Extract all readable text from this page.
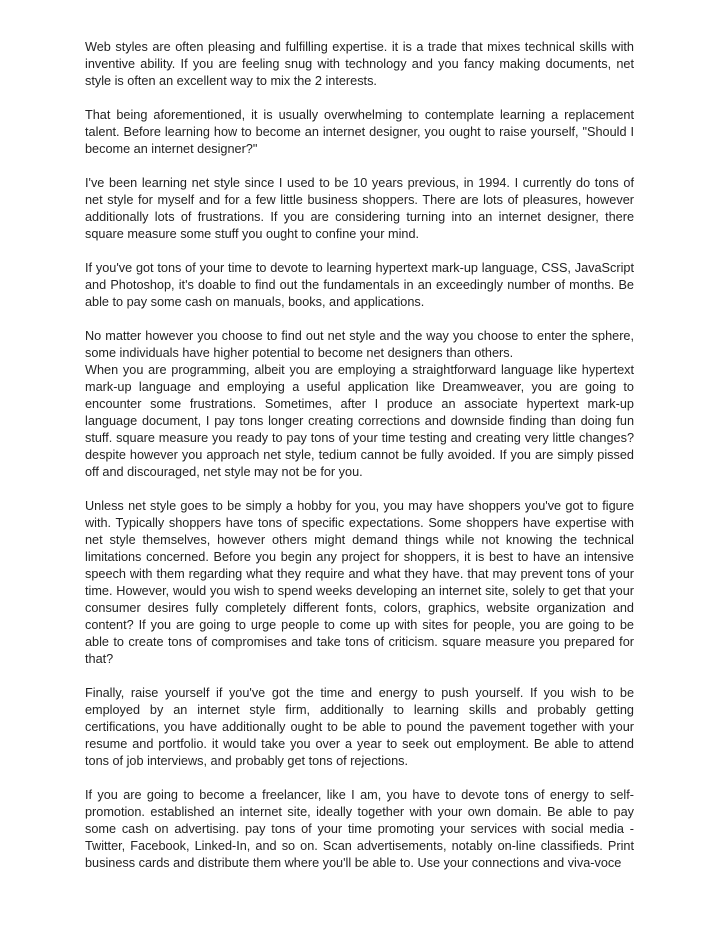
Web styles are often pleasing and fulfilling expertise. it is a trade that mixes technical skills with inventive ability. If you are feeling snug with technology and you fancy making documents, net style is often an excellent way to mix the 2 interests.

That being aforementioned, it is usually overwhelming to contemplate learning a replacement talent. Before learning how to become an internet designer, you ought to raise yourself, "Should I become an internet designer?"

I've been learning net style since I used to be 10 years previous, in 1994. I currently do tons of net style for myself and for a few little business shoppers. There are lots of pleasures, however additionally lots of frustrations. If you are considering turning into an internet designer, there square measure some stuff you ought to confine your mind.

If you've got tons of your time to devote to learning hypertext mark-up language, CSS, JavaScript and Photoshop, it's doable to find out the fundamentals in an exceedingly number of months. Be able to pay some cash on manuals, books, and applications.

No matter however you choose to find out net style and the way you choose to enter the sphere, some individuals have higher potential to become net designers than others.

When you are programming, albeit you are employing a straightforward language like hypertext mark-up language and employing a useful application like Dreamweaver, you are going to encounter some frustrations. Sometimes, after I produce an associate hypertext mark-up language document, I pay tons longer creating corrections and downside finding than doing fun stuff. square measure you ready to pay tons of your time testing and creating very little changes? despite however you approach net style, tedium cannot be fully avoided. If you are simply pissed off and discouraged, net style may not be for you.

Unless net style goes to be simply a hobby for you, you may have shoppers you've got to figure with. Typically shoppers have tons of specific expectations. Some shoppers have expertise with net style themselves, however others might demand things while not knowing the technical limitations concerned. Before you begin any project for shoppers, it is best to have an intensive speech with them regarding what they require and what they have. that may prevent tons of your time. However, would you wish to spend weeks developing an internet site, solely to get that your consumer desires fully completely different fonts, colors, graphics, website organization and content? If you are going to urge people to come up with sites for people, you are going to be able to create tons of compromises and take tons of criticism. square measure you prepared for that?

Finally, raise yourself if you've got the time and energy to push yourself. If you wish to be employed by an internet style firm, additionally to learning skills and probably getting certifications, you have additionally ought to be able to pound the pavement together with your resume and portfolio. it would take you over a year to seek out employment. Be able to attend tons of job interviews, and probably get tons of rejections.

If you are going to become a freelancer, like I am, you have to devote tons of energy to self-promotion. established an internet site, ideally together with your own domain. Be able to pay some cash on advertising. pay tons of your time promoting your services with social media - Twitter, Facebook, Linked-In, and so on. Scan advertisements, notably on-line classifieds. Print business cards and distribute them where you'll be able to. Use your connections and viva-voce
